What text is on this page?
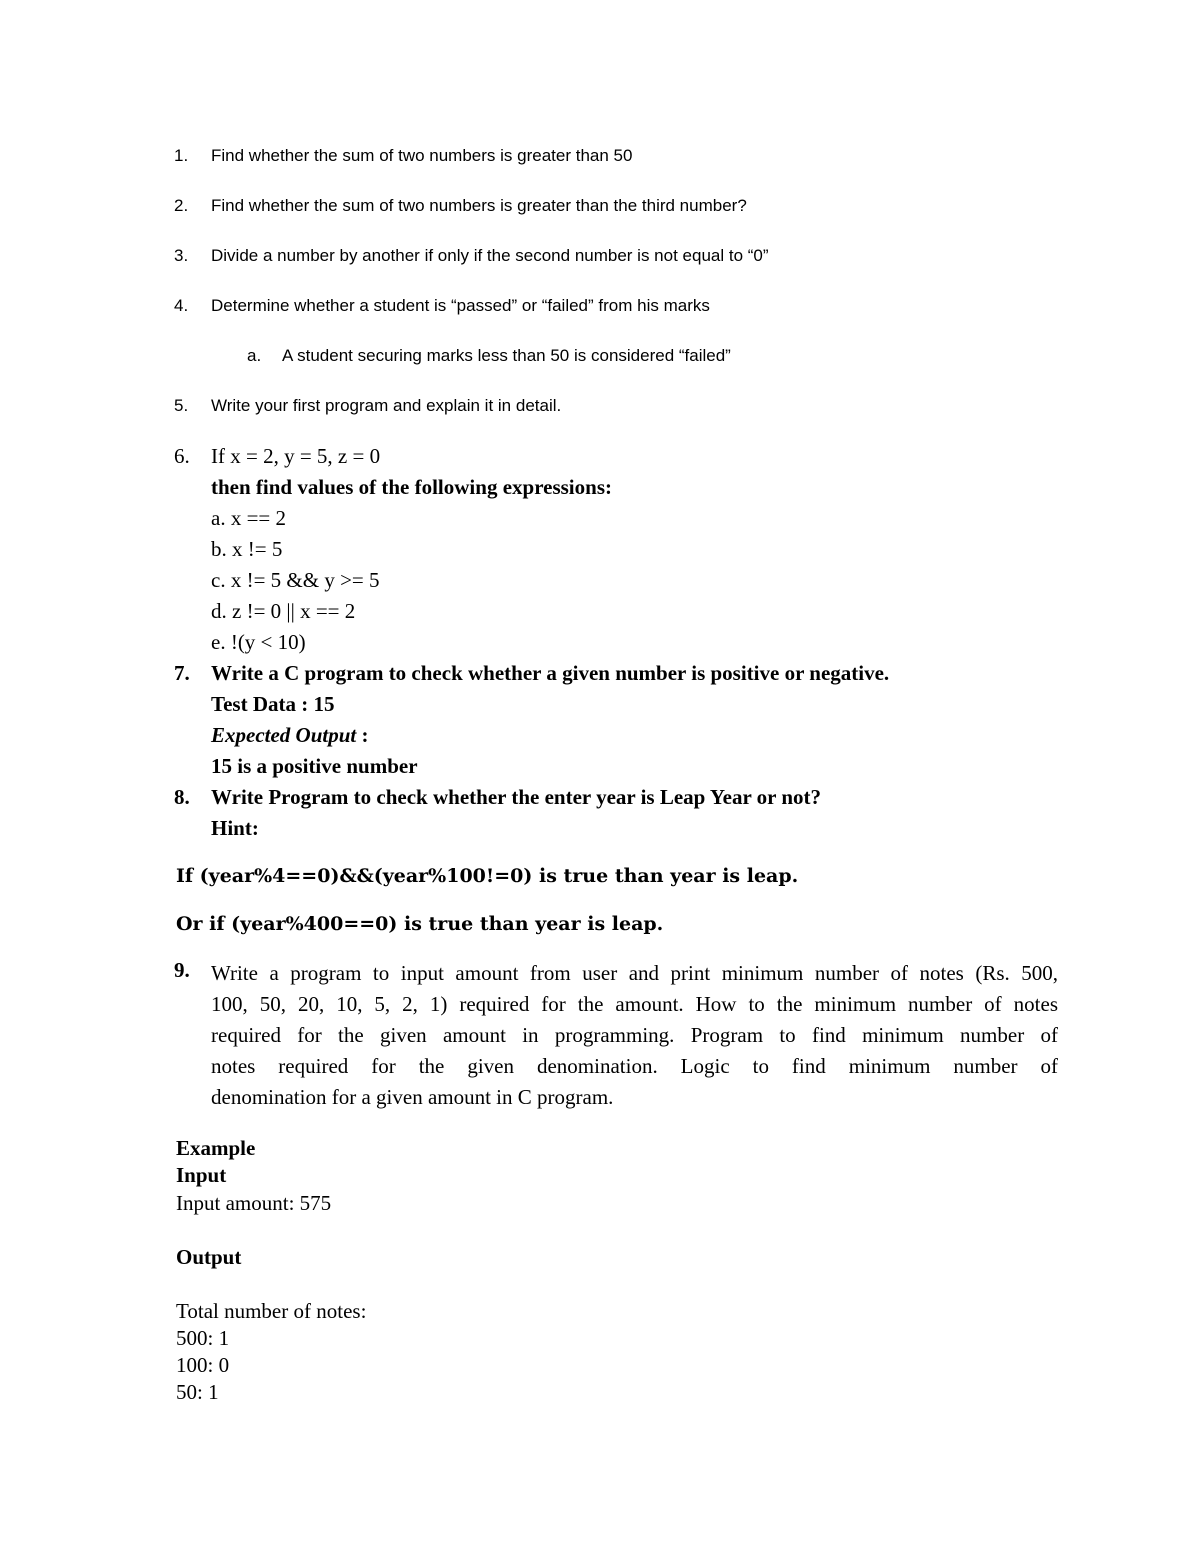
1. Find whether the sum of two numbers is greater than 50
2. Find whether the sum of two numbers is greater than the third number?
3. Divide a number by another if only if the second number is not equal to “0”
4. Determine whether a student is “passed” or “failed” from his marks
a. A student securing marks less than 50 is considered “failed”
5. Write your first program and explain it in detail.
6. If x = 2, y = 5, z = 0
then find values of the following expressions:
a. x == 2
b. x != 5
c. x != 5 && y >= 5
d. z != 0 || x == 2
e. !(y < 10)
7. Write a C program to check whether a given number is positive or negative.
Test Data : 15
Expected Output :
15 is a positive number
8. Write Program to check whether the enter year is Leap Year or not?
Hint:
If (year%4==0)&&(year%100!=0) is true than year is leap.
Or if (year%400==0) is true than year is leap.
9. Write a program to input amount from user and print minimum number of notes (Rs. 500,
100, 50, 20, 10, 5, 2, 1) required for the amount. How to the minimum number of notes
required for the given amount in programming. Program to find minimum number of
notes required for the given denomination. Logic to find minimum number of
denomination for a given amount in C program.
Example
Input
Input amount: 575
Output
Total number of notes:
500: 1
100: 0
50: 1
